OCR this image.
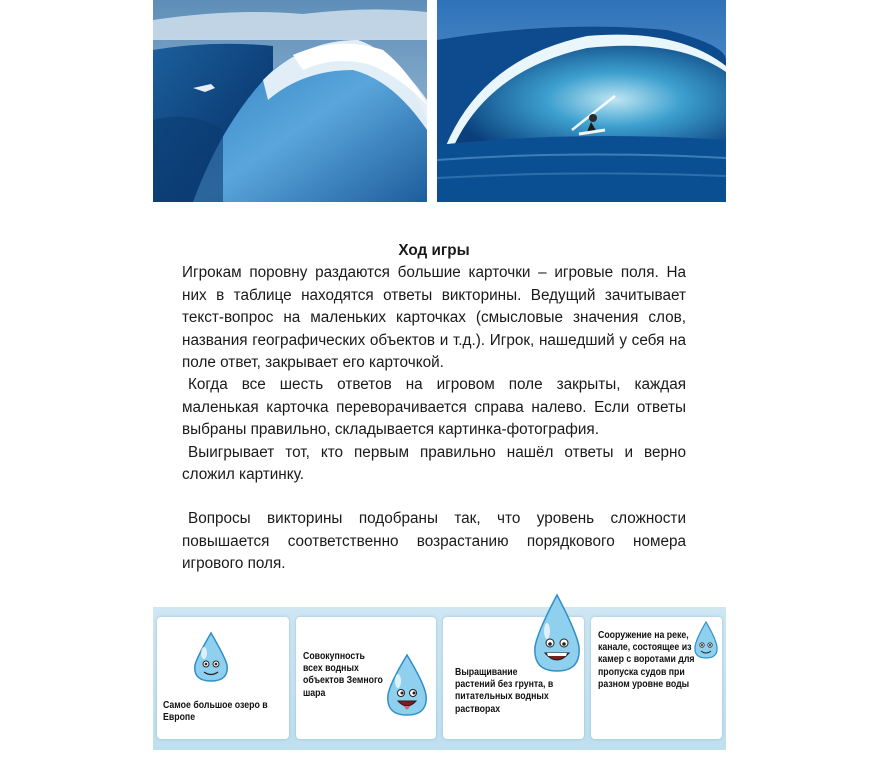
Ход игры

Игрокам поровну раздаются большие карточки – игровые поля. На них в таблице находятся ответы викторины. Ведущий зачитывает текст-вопрос на маленьких карточках (смысловые значения слов, названия географических объектов и т.д.). Игрок, нашедший у себя на поле ответ, закрывает его карточкой.

Когда все шесть ответов на игровом поле закрыты, каждая маленькая карточка переворачивается справа налево. Если ответы выбраны правильно, складывается картинка-фотография.

Выигрывает тот, кто первым правильно нашёл ответы и верно сложил картинку.

Вопросы викторины подобраны так, что уровень сложности повышается соответственно возрастанию порядкового номера игрового поля.

Самое большое озеро в Европе
Совокупность всех водных объектов Земного шара
Выращивание растений без грунта, в питательных водных растворах
Сооружение на реке, канале, состоящее из камер с воротами для пропуска судов при разном уровне воды
